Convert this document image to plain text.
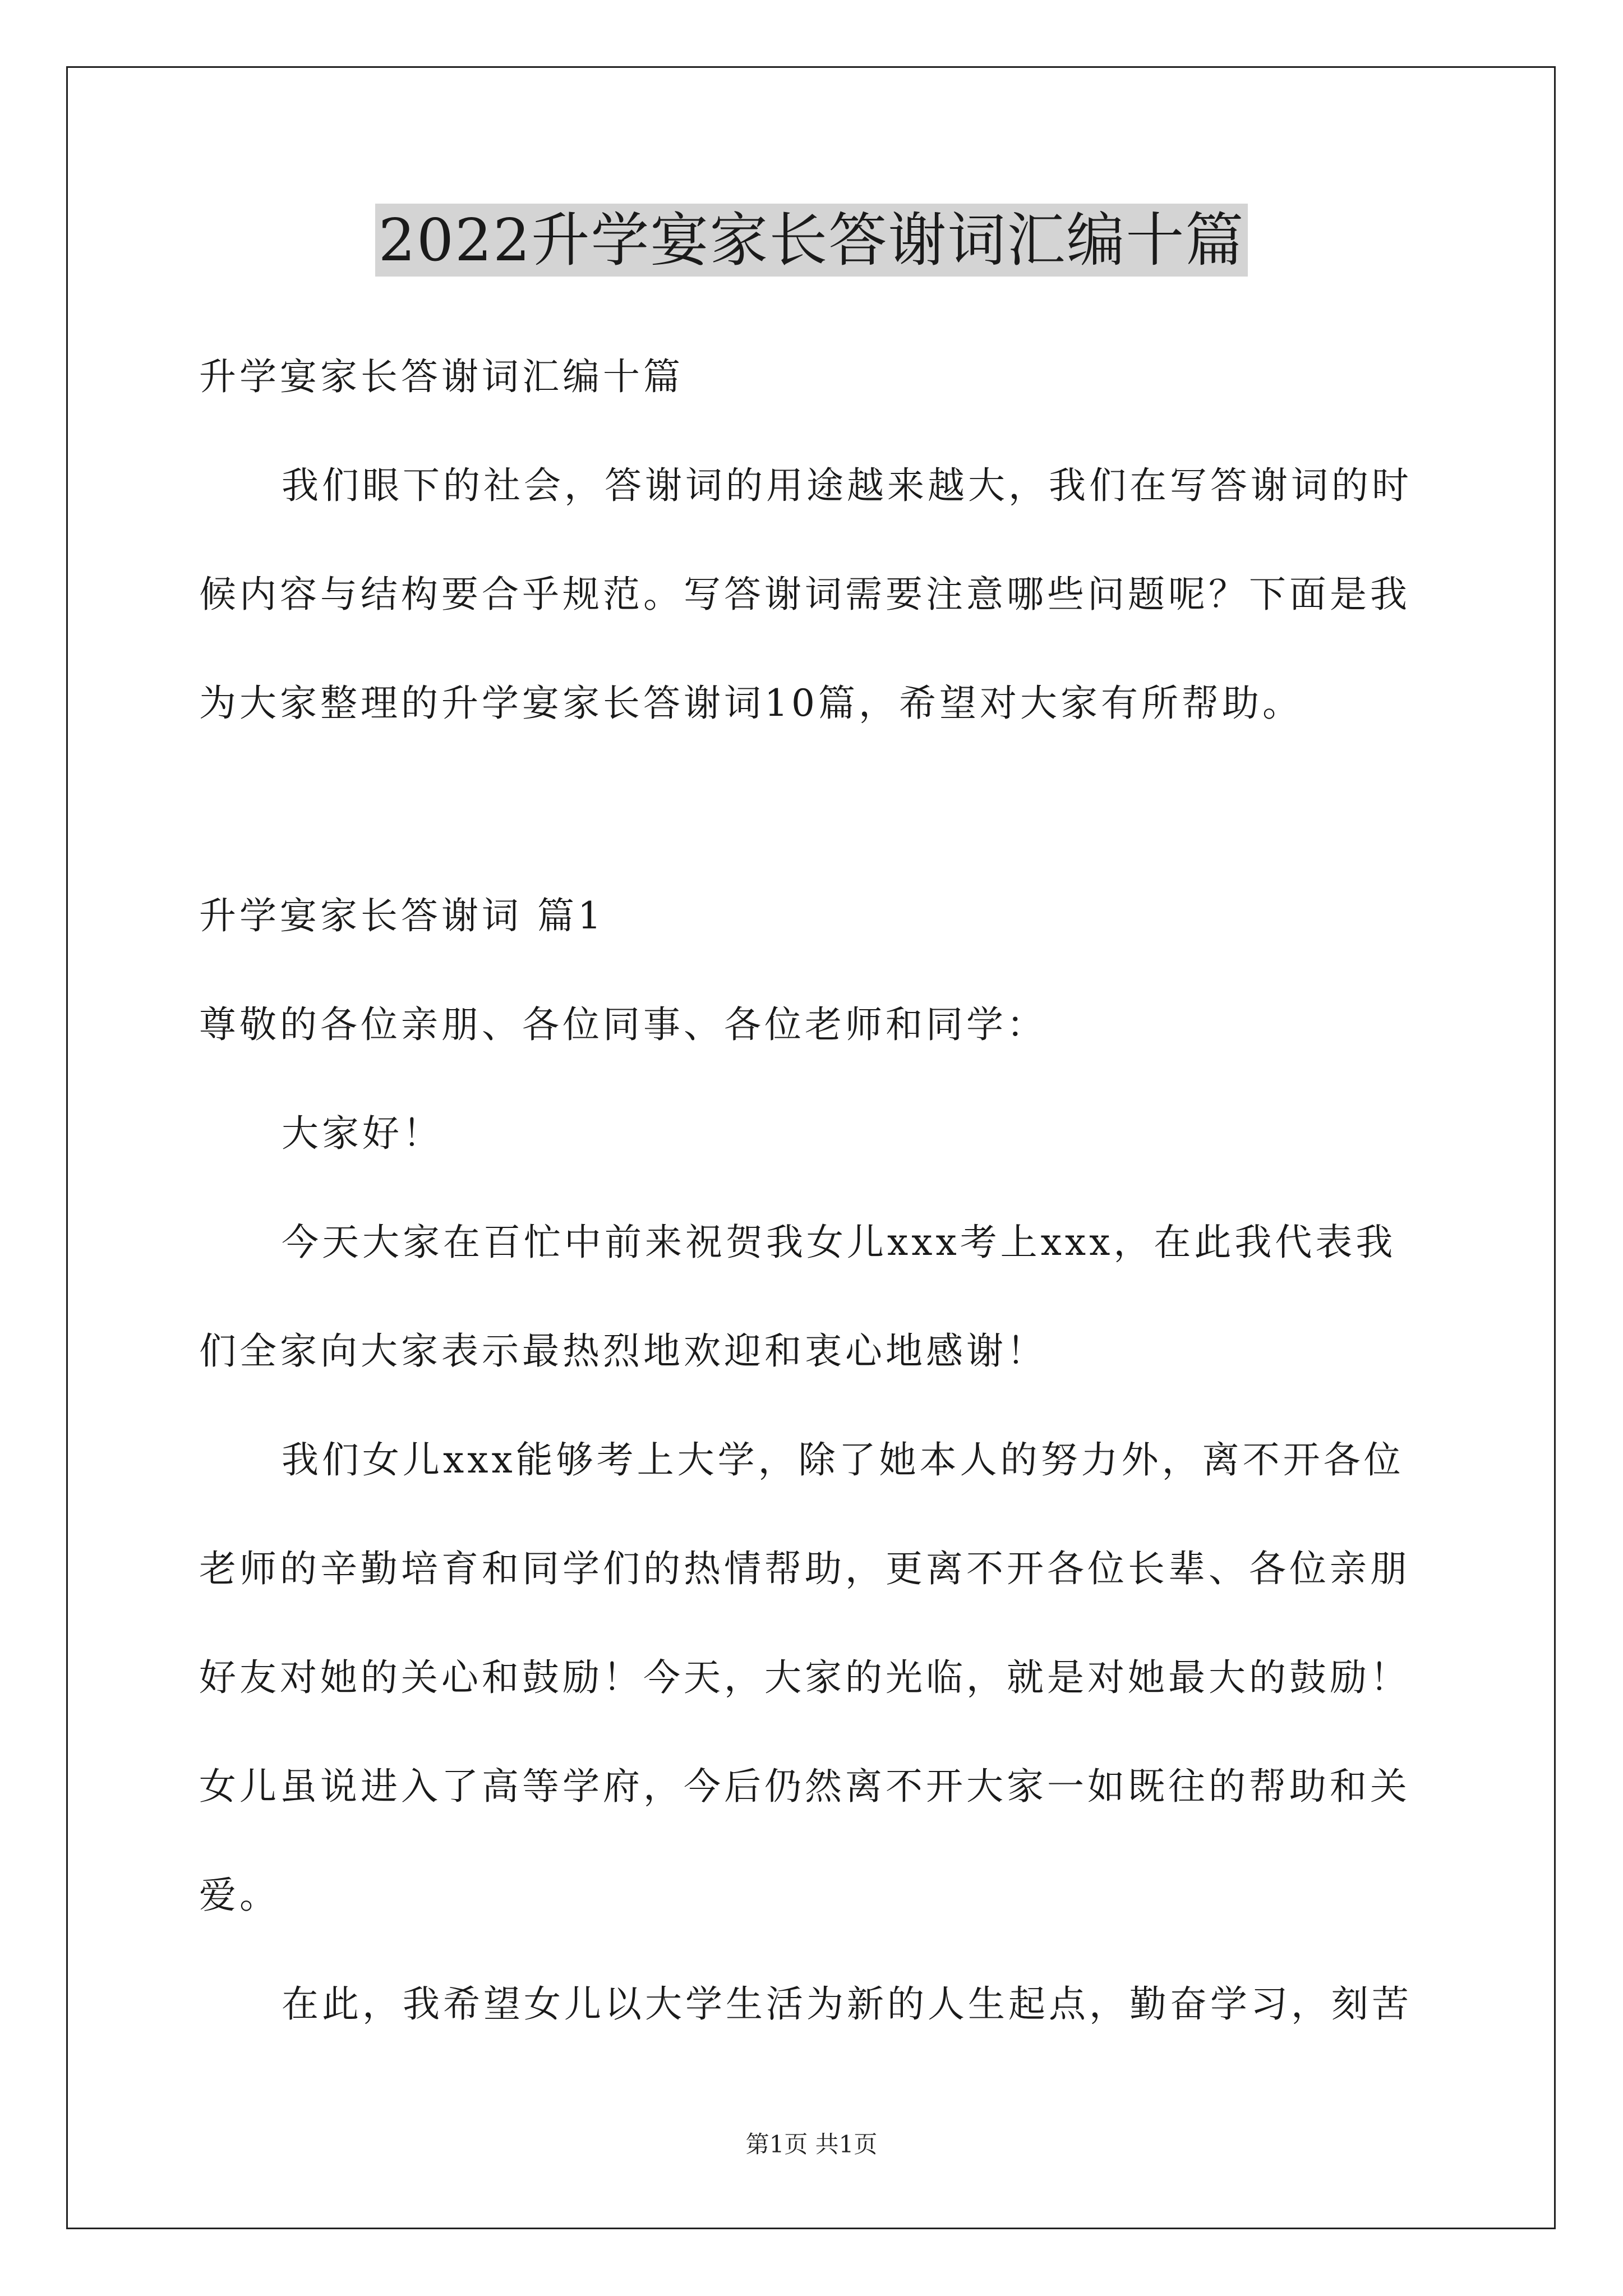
2022升学宴家长答谢词汇编十篇
升学宴家长答谢词汇编十篇
我们眼下的社会，答谢词的用途越来越大，我们在写答谢词的时
候内容与结构要合乎规范。写答谢词需要注意哪些问题呢？下面是我
为大家整理的升学宴家长答谢词10篇，希望对大家有所帮助。
升学宴家长答谢词 篇1
尊敬的各位亲朋、各位同事、各位老师和同学：
大家好！
今天大家在百忙中前来祝贺我女儿xxx考上xxx，在此我代表我
们全家向大家表示最热烈地欢迎和衷心地感谢！
我们女儿xxx能够考上大学，除了她本人的努力外，离不开各位
老师的辛勤培育和同学们的热情帮助，更离不开各位长辈、各位亲朋
好友对她的关心和鼓励！今天，大家的光临，就是对她最大的鼓励！
女儿虽说进入了高等学府，今后仍然离不开大家一如既往的帮助和关
爱。
在此，我希望女儿以大学生活为新的人生起点，勤奋学习，刻苦
第1页 共1页
